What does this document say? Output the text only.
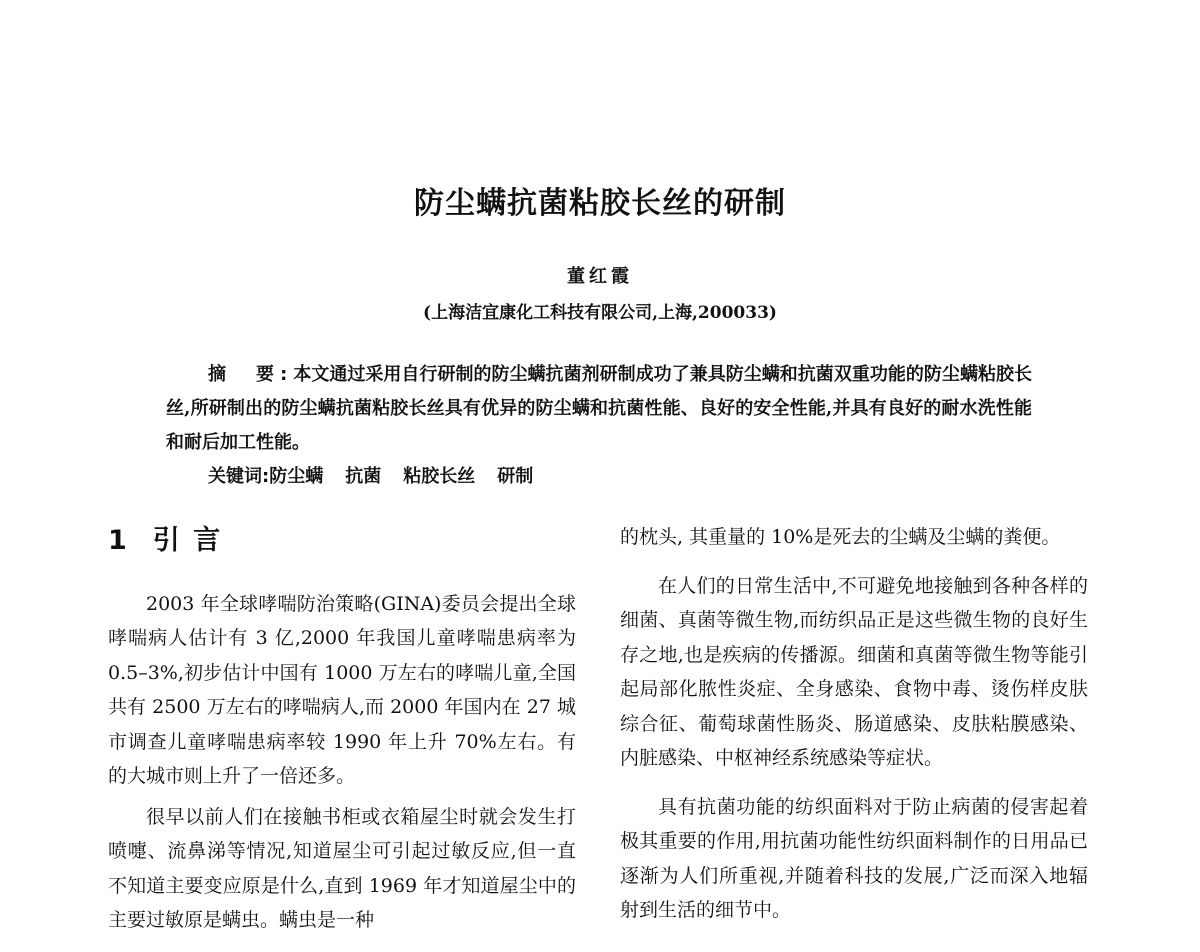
防尘螨抗菌粘胶长丝的研制
董红霞
(上海洁宜康化工科技有限公司,上海,200033)

摘　要:本文通过采用自行研制的防尘螨抗菌剂研制成功了兼具防尘螨和抗菌双重功能的防尘螨粘胶长丝,所研制出的防尘螨抗菌粘胶长丝具有优异的防尘螨和抗菌性能、良好的安全性能,并具有良好的耐水洗性能和耐后加工性能。

关键词:防尘螨 抗菌 粘胶长丝 研制

1 引 言

2003 年全球哮喘防治策略(GINA)委员会提出全球哮喘病人估计有 3 亿,2000 年我国儿童哮喘患病率为 0.5–3%,初步估计中国有 1000 万左右的哮喘儿童,全国共有 2500 万左右的哮喘病人,而 2000 年国内在 27 城市调查儿童哮喘患病率较 1990 年上升 70%左右。有的大城市则上升了一倍还多。

很早以前人们在接触书柜或衣箱屋尘时就会发生打喷嚏、流鼻涕等情况,知道屋尘可引起过敏反应,但一直不知道主要变应原是什么,直到 1969 年才知道屋尘中的主要过敏原是螨虫。螨虫是一种

的枕头, 其重量的 10%是死去的尘螨及尘螨的粪便。

在人们的日常生活中,不可避免地接触到各种各样的细菌、真菌等微生物,而纺织品正是这些微生物的良好生存之地,也是疾病的传播源。细菌和真菌等微生物等能引起局部化脓性炎症、全身感染、食物中毒、烫伤样皮肤综合征、葡萄球菌性肠炎、肠道感染、皮肤粘膜感染、内脏感染、中枢神经系统感染等症状。

具有抗菌功能的纺织面料对于防止病菌的侵害起着极其重要的作用,用抗菌功能性纺织面料制作的日用品已逐渐为人们所重视,并随着科技的发展,广泛而深入地辐射到生活的细节中。
